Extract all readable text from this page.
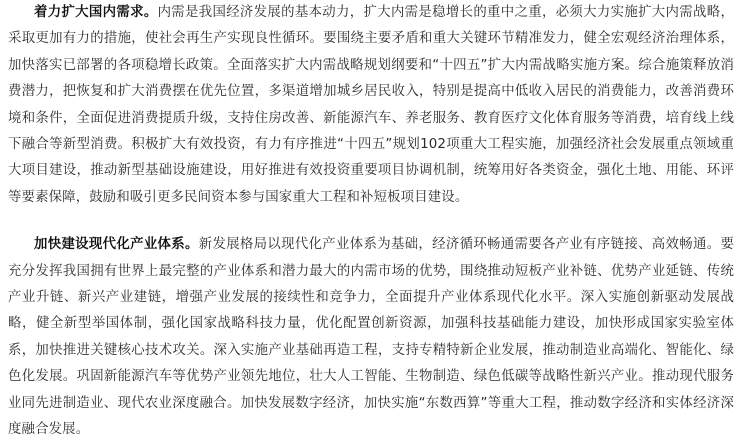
着力扩大国内需求。内需是我国经济发展的基本动力，扩大内需是稳增长的重中之重，必须大力实施扩大内需战略，采取更加有力的措施，使社会再生产实现良性循环。要围绕主要矛盾和重大关键环节精准发力，健全宏观经济治理体系，加快落实已部署的各项稳增长政策。全面落实扩大内需战略规划纲要和“十四五”扩大内需战略实施方案。综合施策释放消费潜力，把恢复和扩大消费摆在优先位置，多渠道增加城乡居民收入，特别是提高中低收入居民的消费能力，改善消费环境和条件，全面促进消费提质升级，支持住房改善、新能源汽车、养老服务、教育医疗文化体育服务等消费，培育线上线下融合等新型消费。积极扩大有效投资，有力有序推进“十四五”规划102项重大工程实施，加强经济社会发展重点领域重大项目建设，推动新型基础设施建设，用好推进有效投资重要项目协调机制，统筹用好各类资金，强化土地、用能、环评等要素保障，鼓励和吸引更多民间资本参与国家重大工程和补短板项目建设。

加快建设现代化产业体系。新发展格局以现代化产业体系为基础，经济循环畅通需要各产业有序链接、高效畅通。要充分发挥我国拥有世界上最完整的产业体系和潜力最大的内需市场的优势，围绕推动短板产业补链、优势产业延链、传统产业升链、新兴产业建链，增强产业发展的接续性和竞争力，全面提升产业体系现代化水平。深入实施创新驱动发展战略，健全新型举国体制，强化国家战略科技力量，优化配置创新资源，加强科技基础能力建设，加快形成国家实验室体系，加快推进关键核心技术攻关。深入实施产业基础再造工程，支持专精特新企业发展，推动制造业高端化、智能化、绿色化发展。巩固新能源汽车等优势产业领先地位，壮大人工智能、生物制造、绿色低碳等战略性新兴产业。推动现代服务业同先进制造业、现代农业深度融合。加快发展数字经济，加快实施“东数西算”等重大工程，推动数字经济和实体经济深度融合发展。
